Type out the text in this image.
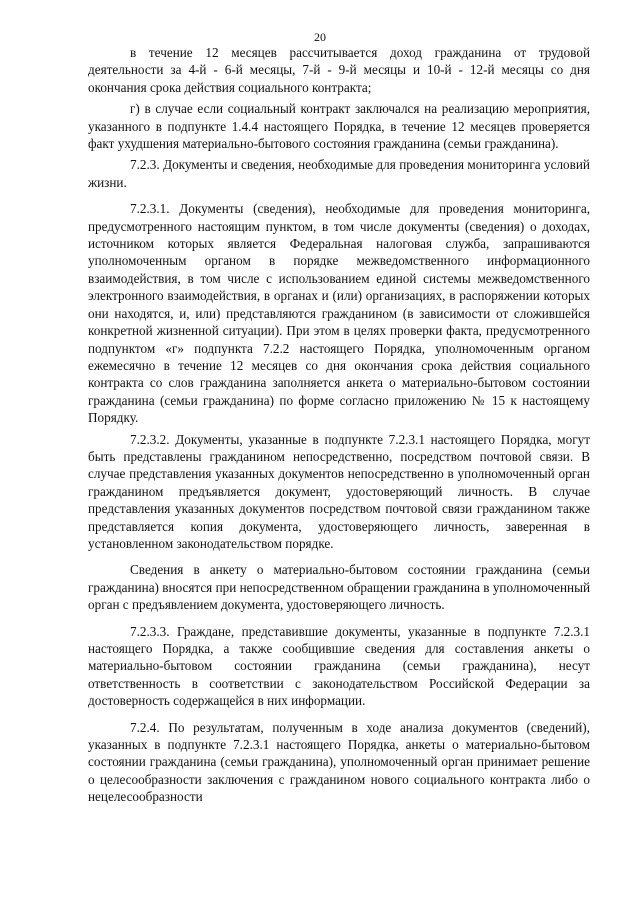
20

в течение 12 месяцев рассчитывается доход гражданина от трудовой деятельности за 4-й - 6-й месяцы, 7-й - 9-й месяцы и 10-й - 12-й месяцы со дня окончания срока действия социального контракта;

г) в случае если социальный контракт заключался на реализацию мероприятия, указанного в подпункте 1.4.4 настоящего Порядка, в течение 12 месяцев проверяется факт ухудшения материально-бытового состояния гражданина (семьи гражданина).

7.2.3. Документы и сведения, необходимые для проведения мониторинга условий жизни.

7.2.3.1. Документы (сведения), необходимые для проведения мониторинга, предусмотренного настоящим пунктом, в том числе документы (сведения) о доходах, источником которых является Федеральная налоговая служба, запрашиваются уполномоченным органом в порядке межведомственного информационного взаимодействия, в том числе с использованием единой системы межведомственного электронного взаимодействия, в органах и (или) организациях, в распоряжении которых они находятся, и, или) представляются гражданином (в зависимости от сложившейся конкретной жизненной ситуации). При этом в целях проверки факта, предусмотренного подпунктом «г» подпункта 7.2.2 настоящего Порядка, уполномоченным органом ежемесячно в течение 12 месяцев со дня окончания срока действия социального контракта со слов гражданина заполняется анкета о материально-бытовом состоянии гражданина (семьи гражданина) по форме согласно приложению № 15 к настоящему Порядку.

7.2.3.2. Документы, указанные в подпункте 7.2.3.1 настоящего Порядка, могут быть представлены гражданином непосредственно, посредством почтовой связи. В случае представления указанных документов непосредственно в уполномоченный орган гражданином предъявляется документ, удостоверяющий личность. В случае представления указанных документов посредством почтовой связи гражданином также представляется копия документа, удостоверяющего личность, заверенная в установленном законодательством порядке.

Сведения в анкету о материально-бытовом состоянии гражданина (семьи гражданина) вносятся при непосредственном обращении гражданина в уполномоченный орган с предъявлением документа, удостоверяющего личность.

7.2.3.3. Граждане, представившие документы, указанные в подпункте 7.2.3.1 настоящего Порядка, а также сообщившие сведения для составления анкеты о материально-бытовом состоянии гражданина (семьи гражданина), несут ответственность в соответствии с законодательством Российской Федерации за достоверность содержащейся в них информации.

7.2.4. По результатам, полученным в ходе анализа документов (сведений), указанных в подпункте 7.2.3.1 настоящего Порядка, анкеты о материально-бытовом состоянии гражданина (семьи гражданина), уполномоченный орган принимает решение о целесообразности заключения с гражданином нового социального контракта либо о нецелесообразности
